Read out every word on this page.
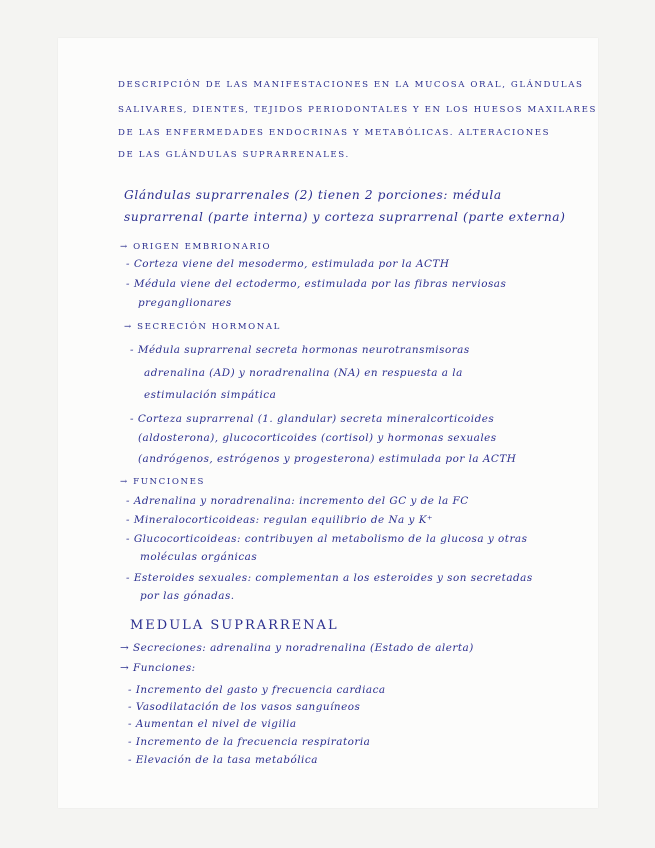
DESCRIPCIÓN DE LAS MANIFESTACIONES EN LA MUCOSA ORAL, GLÁNDULAS
SALIVARES, DIENTES, TEJIDOS PERIODONTALES Y EN LOS HUESOS MAXILARES
DE LAS ENFERMEDADES ENDOCRINAS Y METABÓLICAS. ALTERACIONES
DE LAS GLÁNDULAS SUPRARRENALES.
Glándulas suprarrenales (2) tienen 2 porciones: médula
suprarrenal (parte interna) y corteza suprarrenal (parte externa)
→ ORIGEN EMBRIONARIO
- Corteza viene del mesodermo, estimulada por la ACTH
- Médula viene del ectodermo, estimulada por las fibras nerviosas
preganglionares
→ SECRECIÓN HORMONAL
- Médula suprarrenal secreta hormonas neurotransmisoras
adrenalina (AD) y noradrenalina (NA) en respuesta a la
estimulación simpática
- Corteza suprarrenal (1. glandular) secreta mineralcorticoides
(aldosterona), glucocorticoides (cortisol) y hormonas sexuales
(andrógenos, estrógenos y progesterona) estimulada por la ACTH
→ FUNCIONES
- Adrenalina y noradrenalina: incremento del GC y de la FC
- Mineralocorticoideas: regulan equilibrio de Na y K⁺
- Glucocorticoideas: contribuyen al metabolismo de la glucosa y otras
moléculas orgánicas
- Esteroides sexuales: complementan a los esteroides y son secretadas
por las gónadas.
MEDULA SUPRARRENAL
→ Secreciones: adrenalina y noradrenalina (Estado de alerta)
→ Funciones:
- Incremento del gasto y frecuencia cardiaca
- Vasodilatación de los vasos sanguíneos
- Aumentan el nivel de vigilia
- Incremento de la frecuencia respiratoria
- Elevación de la tasa metabólica
